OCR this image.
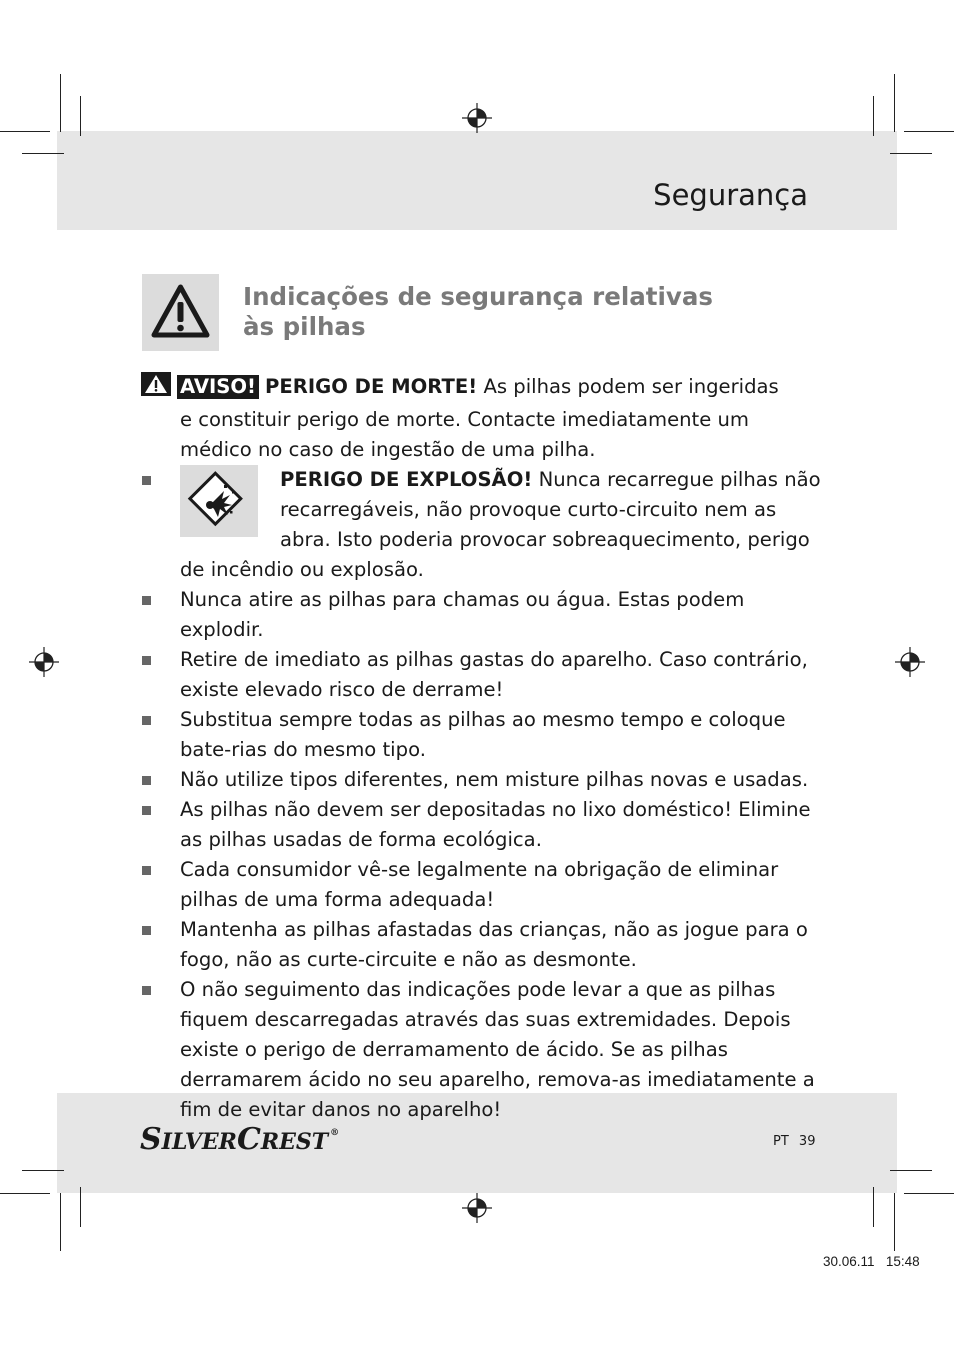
Segurança
Indicações de segurança relativas
às pilhas
AVISO! PERIGO DE MORTE! As pilhas podem ser ingeridas

e constituir perigo de morte. Contacte imediatamente um médico no caso de ingestão de uma pilha.

PERIGO DE EXPLOSÃO! Nunca recarregue pilhas não recarregáveis, não provoque curto-circuito nem as abra. Isto poderia provocar sobreaquecimento, perigo

de incêndio ou explosão.

Nunca atire as pilhas para chamas ou água. Estas podem explodir.

Retire de imediato as pilhas gastas do aparelho. Caso contrário, existe elevado risco de derrame!

Substitua sempre todas as pilhas ao mesmo tempo e coloque bate-rias do mesmo tipo.

Não utilize tipos diferentes, nem misture pilhas novas e usadas.

As pilhas não devem ser depositadas no lixo doméstico! Elimine as pilhas usadas de forma ecológica.

Cada consumidor vê-se legalmente na obrigação de eliminar pilhas de uma forma adequada!

Mantenha as pilhas afastadas das crianças, não as jogue para o fogo, não as curte-circuite e não as desmonte.

O não seguimento das indicações pode levar a que as pilhas fiquem descarregadas através das suas extremidades. Depois existe o perigo de derramamento de ácido. Se as pilhas derramarem ácido no seu aparelho, remova-as imediatamente a fim de evitar danos no aparelho!

SILVERCREST ®
PT 39
30.06.11 15:48
